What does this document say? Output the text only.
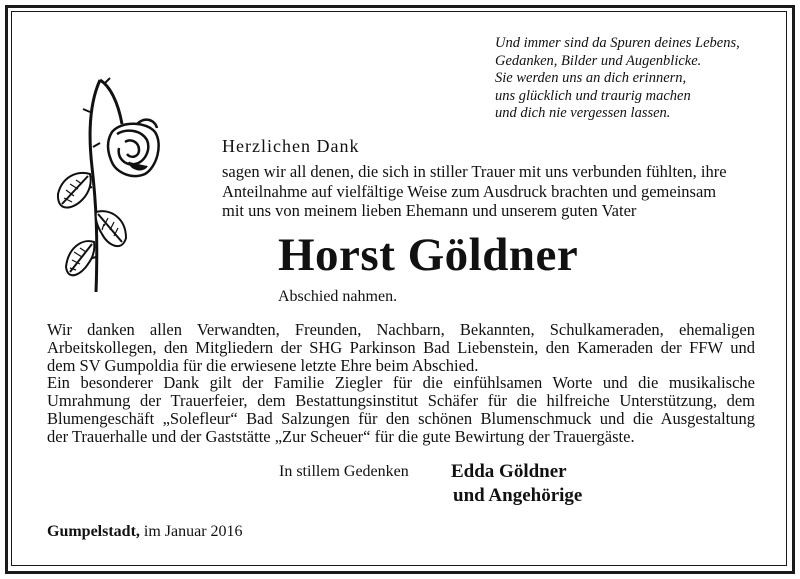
Und immer sind da Spuren deines Lebens,
Gedanken, Bilder und Augenblicke.
Sie werden uns an dich erinnern,
uns glücklich und traurig machen
und dich nie vergessen lassen.
Herzlichen Dank
sagen wir all denen, die sich in stiller Trauer mit uns verbunden fühlten, ihre
Anteilnahme auf vielfältige Weise zum Ausdruck brachten und gemeinsam
mit uns von meinem lieben Ehemann und unserem guten Vater
Horst Göldner
Abschied nahmen.
Wir danken allen Verwandten, Freunden, Nachbarn, Bekannten, Schulkameraden, ehemaligen
Arbeitskollegen, den Mitgliedern der SHG Parkinson Bad Liebenstein, den Kameraden der FFW und
dem SV Gumpoldia für die erwiesene letzte Ehre beim Abschied.
Ein besonderer Dank gilt der Familie Ziegler für die einfühlsamen Worte und die musikalische
Umrahmung der Trauerfeier, dem Bestattungsinstitut Schäfer für die hilfreiche Unterstützung, dem
Blumengeschäft „Solefleur“ Bad Salzungen für den schönen Blumenschmuck und die Ausgestaltung
der Trauerhalle und der Gaststätte „Zur Scheuer“ für die gute Bewirtung der Trauergäste.
In stillem Gedenken Edda Göldner
und Angehörige
Gumpelstadt, im Januar 2016
